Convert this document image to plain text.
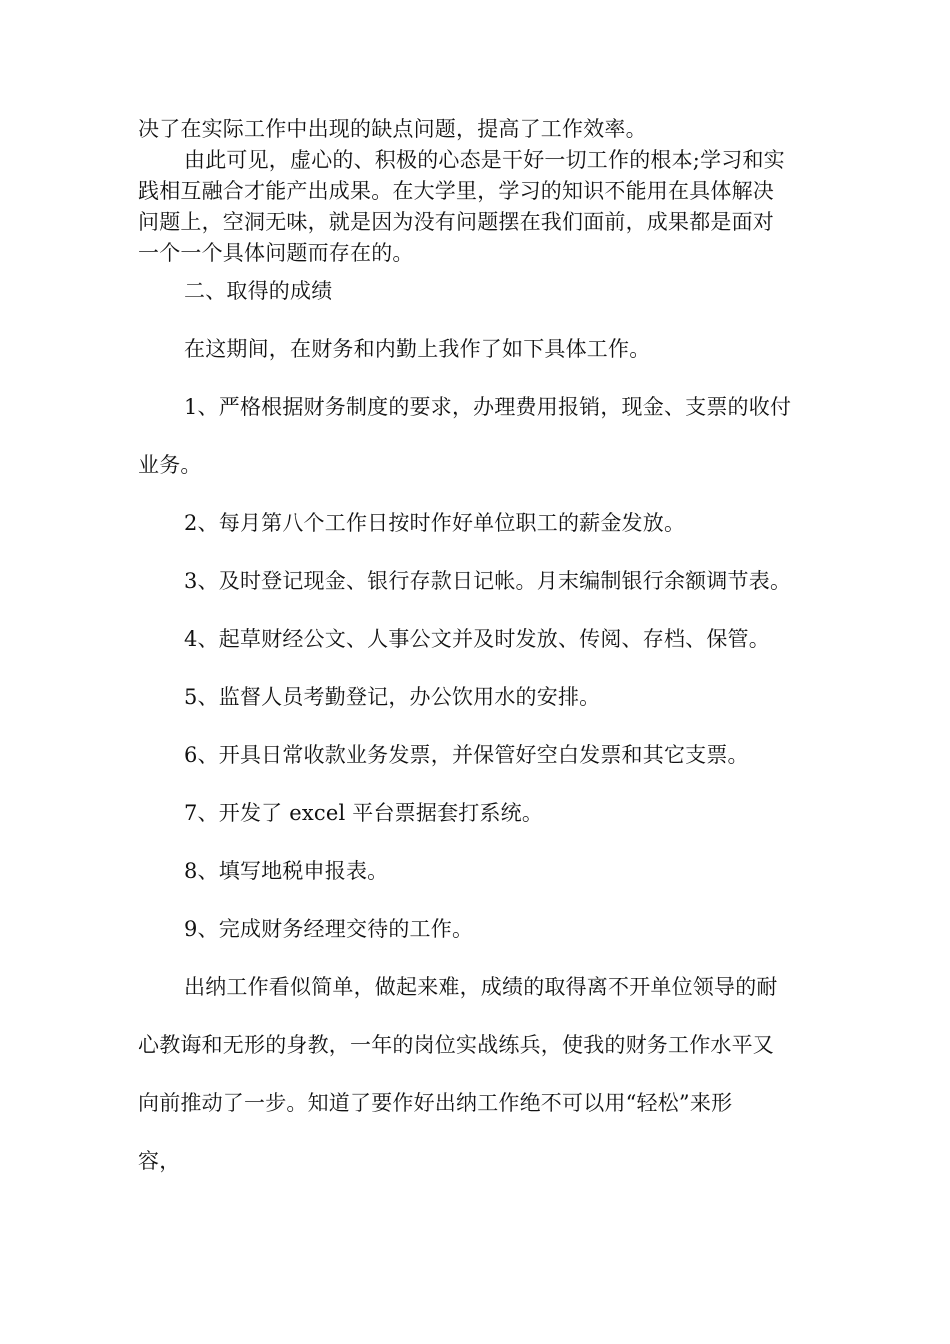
决了在实际工作中出现的缺点问题，提高了工作效率。
由此可见，虚心的、积极的心态是干好一切工作的根本;学习和实
践相互融合才能产出成果。在大学里，学习的知识不能用在具体解决
问题上，空洞无味，就是因为没有问题摆在我们面前，成果都是面对
一个一个具体问题而存在的。
二、取得的成绩
在这期间，在财务和内勤上我作了如下具体工作。
1、严格根据财务制度的要求，办理费用报销，现金、支票的收付
业务。
2、每月第八个工作日按时作好单位职工的薪金发放。
3、及时登记现金、银行存款日记帐。月末编制银行余额调节表。
4、起草财经公文、人事公文并及时发放、传阅、存档、保管。
5、监督人员考勤登记，办公饮用水的安排。
6、开具日常收款业务发票，并保管好空白发票和其它支票。
7、开发了 excel 平台票据套打系统。
8、填写地税申报表。
9、完成财务经理交待的工作。
出纳工作看似简单，做起来难，成绩的取得离不开单位领导的耐
心教诲和无形的身教，一年的岗位实战练兵，使我的财务工作水平又
向前推动了一步。知道了要作好出纳工作绝不可以用“轻松”来形
容，
